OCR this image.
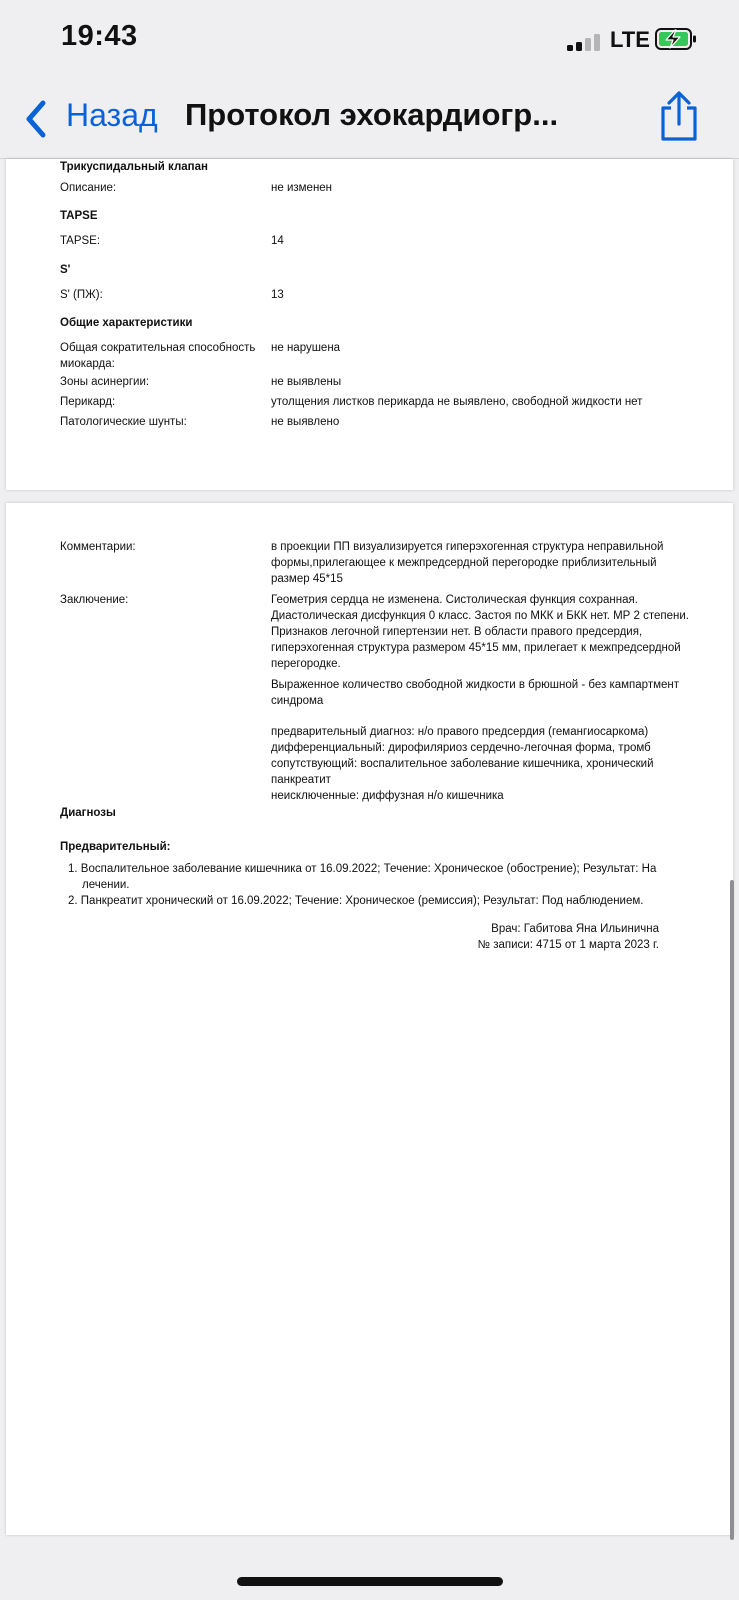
19:43	LTE
Назад Протокол эхокардиогр...
Трикуспидальный клапан
Описание:	не изменен
TAPSE
TAPSE:	14
S'
S' (ПЖ):	13
Общие характеристики
Общая сократительная способность
миокарда:
не нарушена
Зоны асинергии:	не выявлены
Перикард:	утолщения листков перикарда не выявлено, свободной жидкости нет
Патологические шунты:	не выявлено
Комментарии:	в проекции ПП визуализируется гиперэхогенная структура неправильной
формы,прилегающее к межпредсердной перегородке приблизительный
размер 45*15
Заключение:	Геометрия сердца не изменена. Систолическая функция сохранная.
Диастолическая дисфункция 0 класс. Застоя по МКК и БКК нет. МР 2 степени.
Признаков легочной гипертензии нет. В области правого предсердия,
гиперэхогенная структура размером 45*15 мм, прилегает к межпредсердной
перегородке.
Выраженное количество свободной жидкости в брюшной - без кампартмент
синдрома
предварительный диагноз: н/о правого предсердия (гемангиосаркома)
дифференциальный: дирофиляриоз сердечно-легочная форма, тромб
сопутствующий: воспалительное заболевание кишечника, хронический
панкреатит
неисключенные: диффузная н/о кишечника
Диагнозы
Предварительный:
1. Воспалительное заболевание кишечника от 16.09.2022; Течение: Хроническое (обострение); Результат: На
лечении.
2. Панкреатит хронический от 16.09.2022; Течение: Хроническое (ремиссия); Результат: Под наблюдением.
Врач: Габитова Яна Ильинична
№ записи: 4715 от 1 марта 2023 г.
